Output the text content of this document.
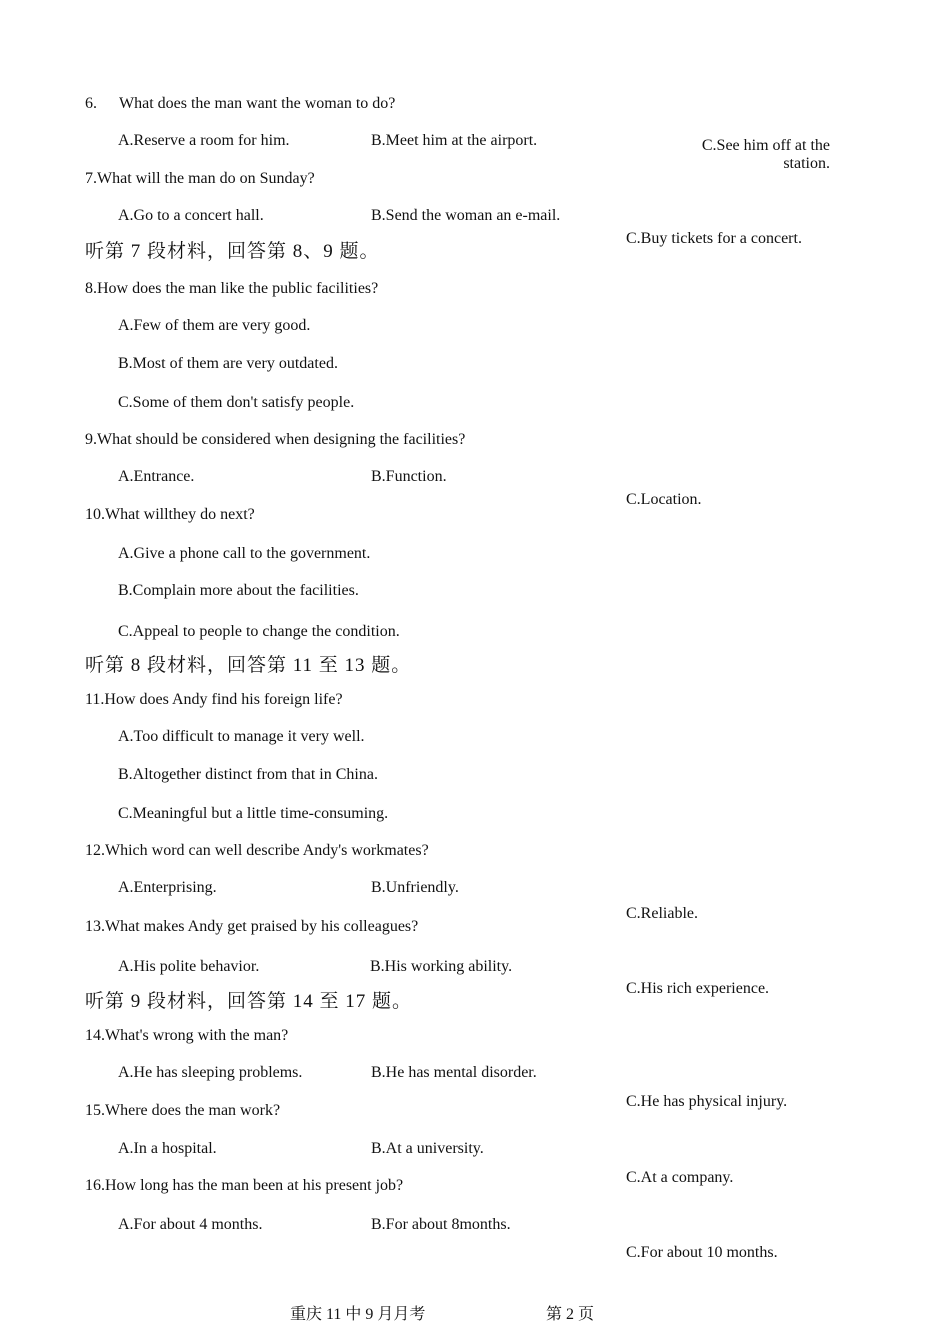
6. What does the man want the woman to do?
A.Reserve a room for him.	B.Meet him at the airport.	C.See him off at the
station.
7.What will the man do on Sunday?
A.Go to a concert hall.	B.Send the woman an e-mail.
C.Buy tickets for a concert.
听第 7 段材料，回答第 8、9 题。
8.How does the man like the public facilities?
A.Few of them are very good.
B.Most of them are very outdated.
C.Some of them don't satisfy people.
9.What should be considered when designing the facilities?
A.Entrance.	B.Function.
C.Location.
10.What willthey do next?
A.Give a phone call to the government.
B.Complain more about the facilities.
C.Appeal to people to change the condition.
听第 8 段材料，回答第 11 至 13 题。
11.How does Andy find his foreign life?
A.Too difficult to manage it very well.
B.Altogether distinct from that in China.
C.Meaningful but a little time-consuming.
12.Which word can well describe Andy's workmates?
A.Enterprising.	B.Unfriendly.
C.Reliable.
13.What makes Andy get praised by his colleagues?
A.His polite behavior.	B.His working ability.
C.His rich experience.
听第 9 段材料，回答第 14 至 17 题。
14.What's wrong with the man?
A.He has sleeping problems.	B.He has mental disorder.
C.He has physical injury.
15.Where does the man work?
A.In a hospital.	B.At a university.
C.At a company.
16.How long has the man been at his present job?
A.For about 4 months.	B.For about 8months.
C.For about 10 months.
重庆 11 中 9 月月考	第 2 页
